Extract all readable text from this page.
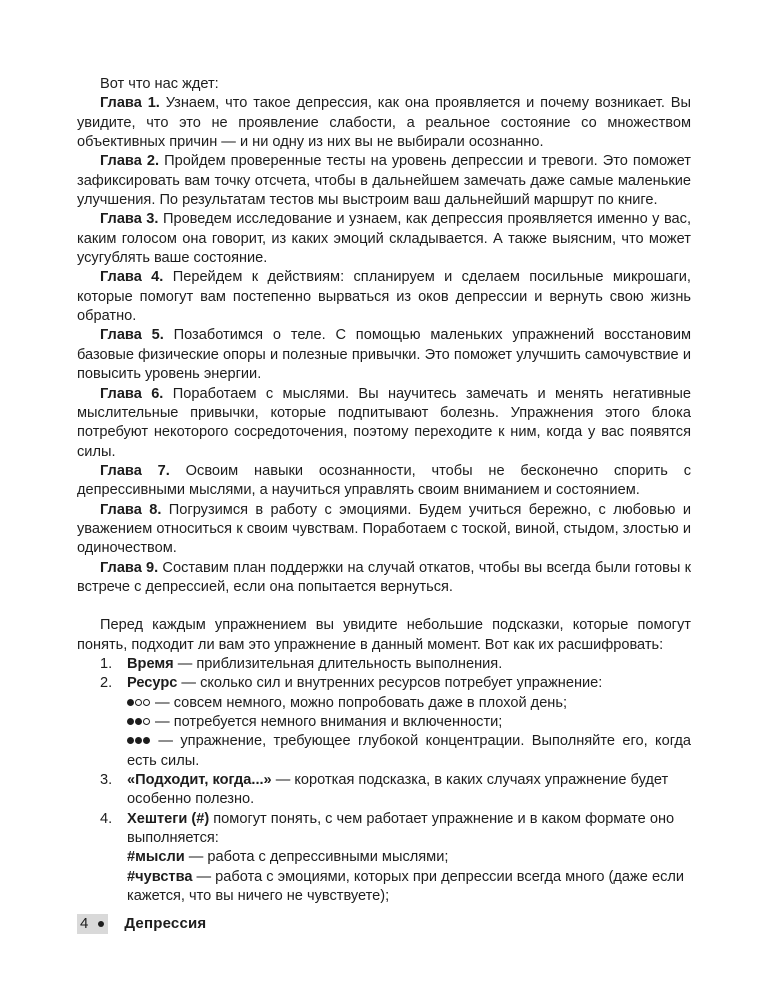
Вот что нас ждет:

Глава 1. Узнаем, что такое депрессия, как она проявляется и почему возникает. Вы увидите, что это не проявление слабости, а реальное состояние со множеством объективных причин — и ни одну из них вы не выбирали осознанно.

Глава 2. Пройдем проверенные тесты на уровень депрессии и тревоги. Это поможет зафиксировать вам точку отсчета, чтобы в дальнейшем замечать даже самые маленькие улучшения. По результатам тестов мы выстроим ваш дальнейший маршрут по книге.

Глава 3. Проведем исследование и узнаем, как депрессия проявляется именно у вас, каким голосом она говорит, из каких эмоций складывается. А также выясним, что может усугублять ваше состояние.

Глава 4. Перейдем к действиям: спланируем и сделаем посильные микрошаги, которые помогут вам постепенно вырваться из оков депрессии и вернуть свою жизнь обратно.

Глава 5. Позаботимся о теле. С помощью маленьких упражнений восстановим базовые физические опоры и полезные привычки. Это поможет улучшить самочувствие и повысить уровень энергии.

Глава 6. Поработаем с мыслями. Вы научитесь замечать и менять негативные мыслительные привычки, которые подпитывают болезнь. Упражнения этого блока потребуют некоторого сосредоточения, поэтому переходите к ним, когда у вас появятся силы.

Глава 7. Освоим навыки осознанности, чтобы не бесконечно спорить с депрессивными мыслями, а научиться управлять своим вниманием и состоянием.

Глава 8. Погрузимся в работу с эмоциями. Будем учиться бережно, с любовью и уважением относиться к своим чувствам. Поработаем с тоской, виной, стыдом, злостью и одиночеством.

Глава 9. Составим план поддержки на случай откатов, чтобы вы всегда были готовы к встрече с депрессией, если она попытается вернуться.

Перед каждым упражнением вы увидите небольшие подсказки, которые помогут понять, подходит ли вам это упражнение в данный момент. Вот как их расшифровать:

1. Время — приблизительная длительность выполнения.
2. Ресурс — сколько сил и внутренних ресурсов потребует упражнение:
— совсем немного, можно попробовать даже в плохой день;
— потребуется немного внимания и включенности;
— упражнение, требующее глубокой концентрации. Выполняйте его, когда есть силы.
3. «Подходит, когда...» — короткая подсказка, в каких случаях упражнение будет особенно полезно.
4. Хештеги (#) помогут понять, с чем работает упражнение и в каком формате оно выполняется:
#мысли — работа с депрессивными мыслями;
#чувства — работа с эмоциями, которых при депрессии всегда много (даже если кажется, что вы ничего не чувствуете);
4 Депрессия
